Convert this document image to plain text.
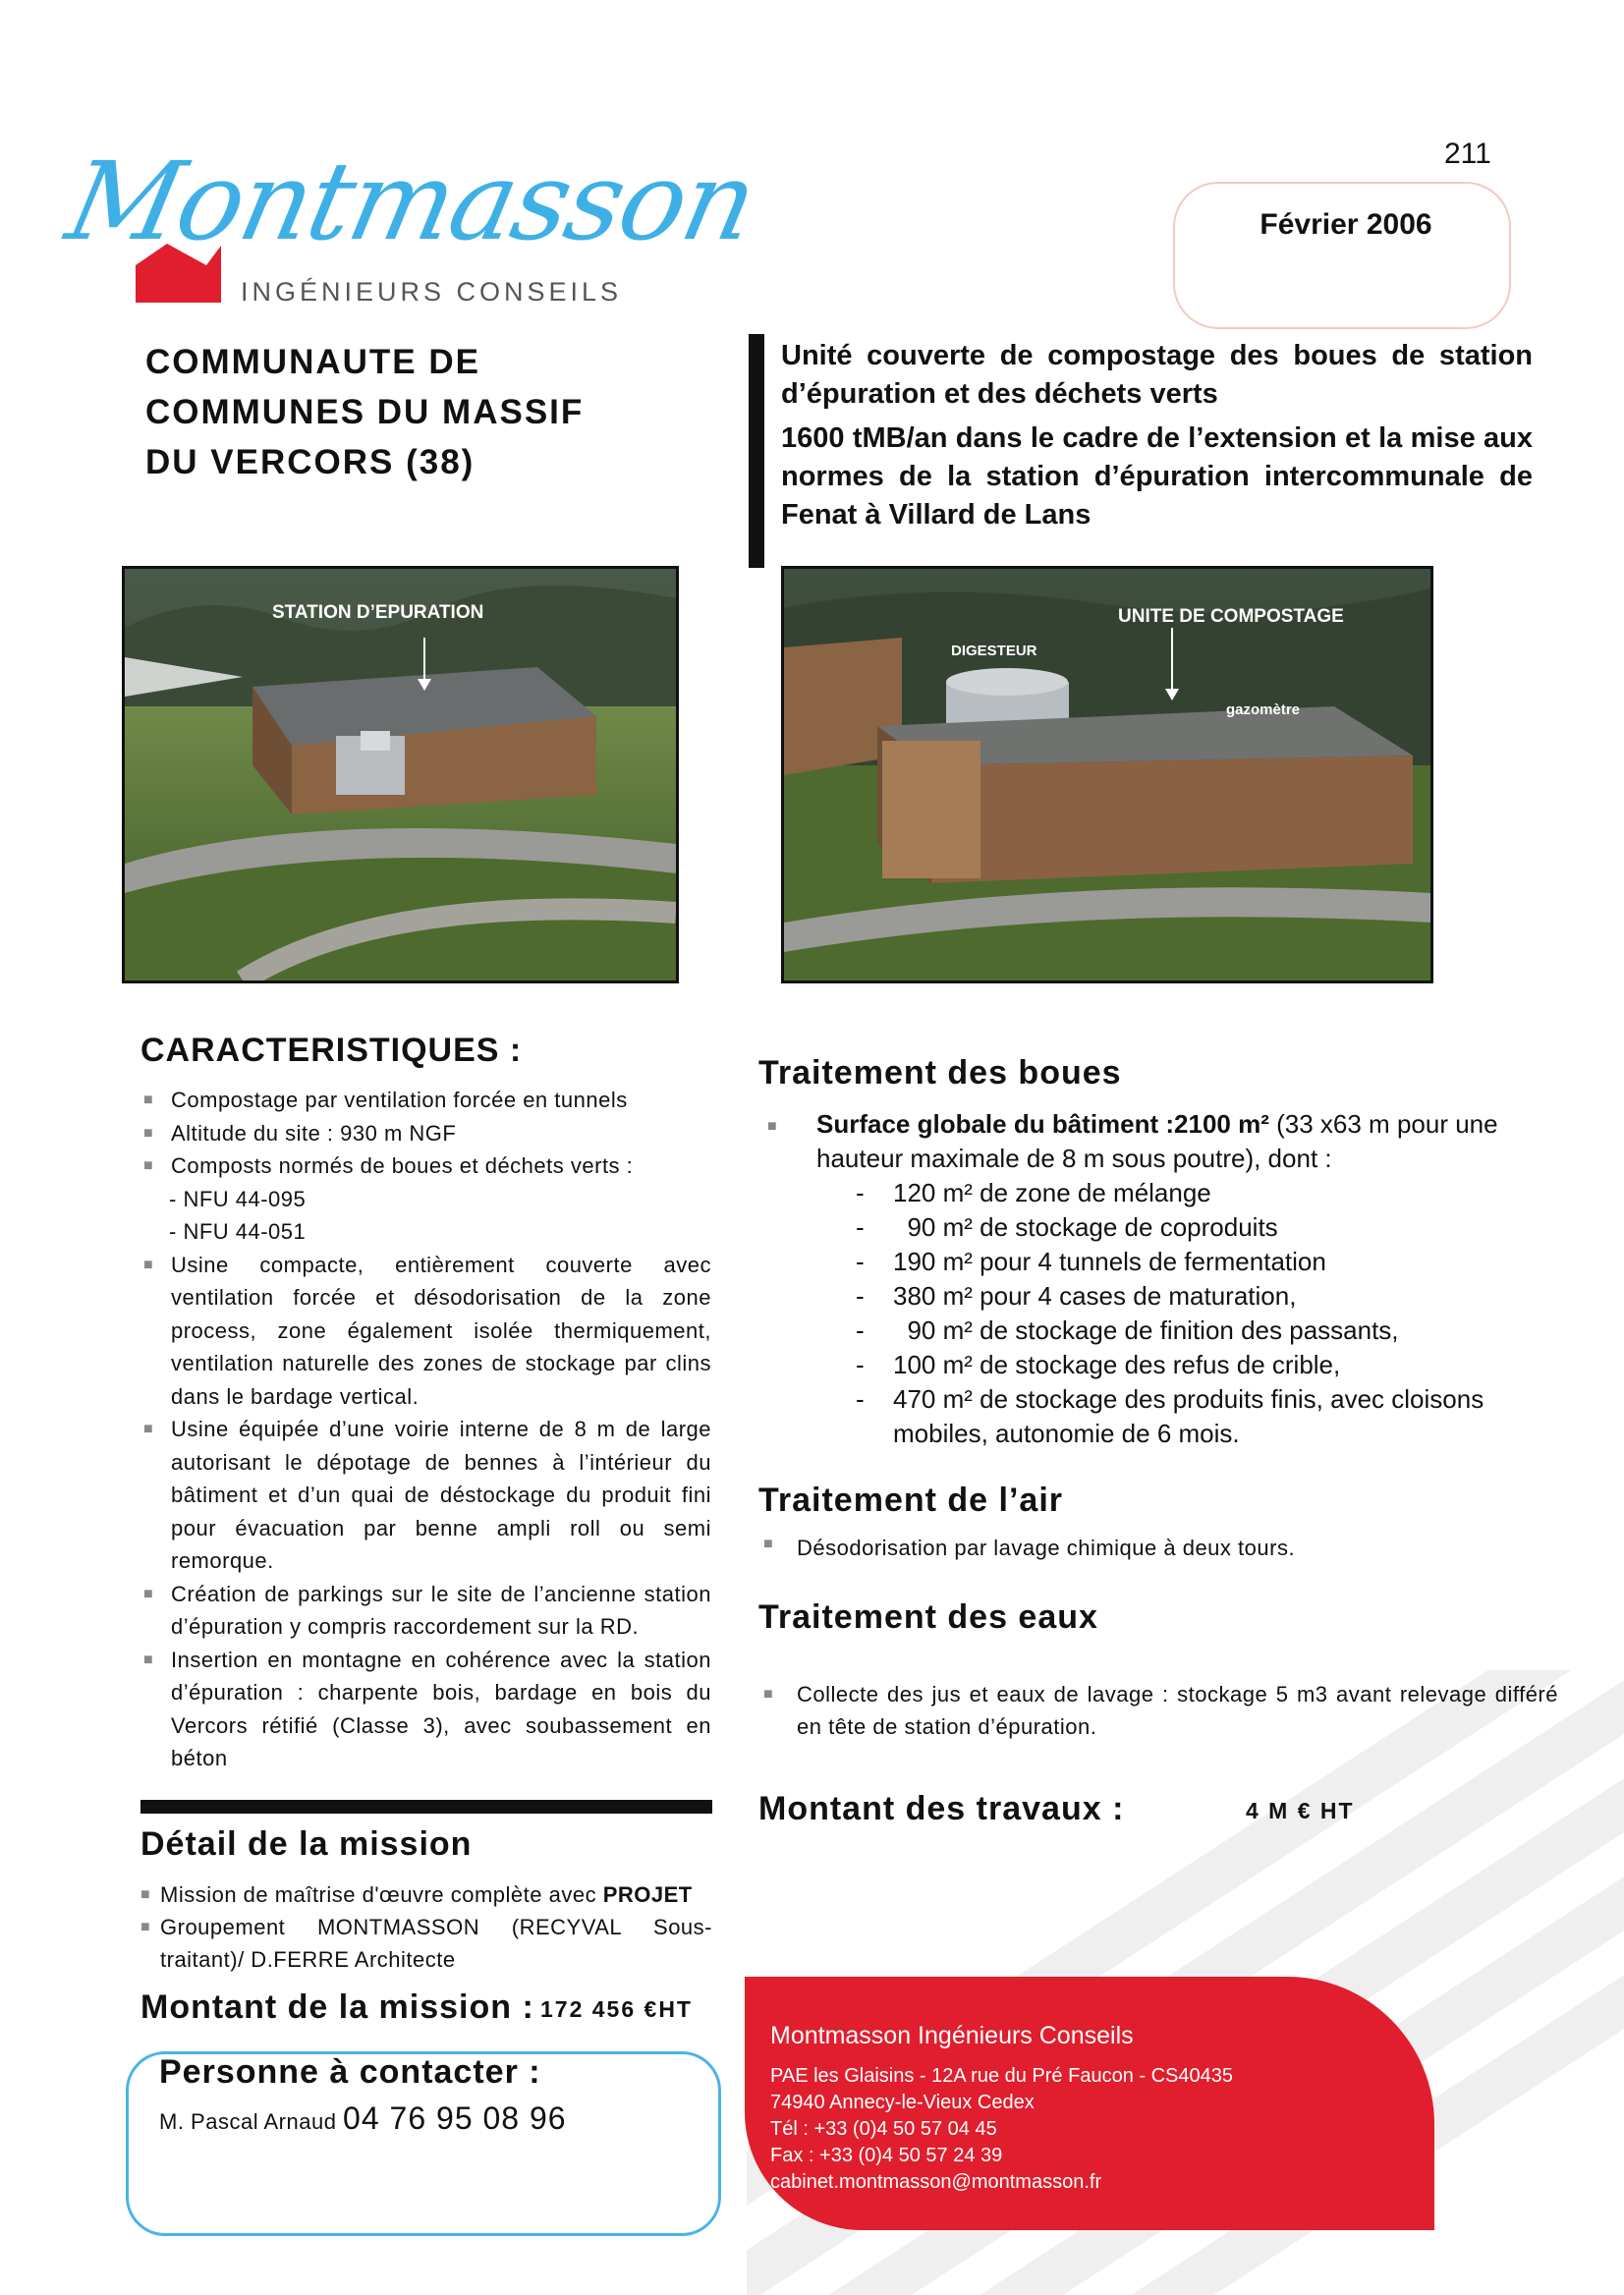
211
Février 2006
Montmasson
INGÉNIEURS CONSEILS
COMMUNAUTE DE
COMMUNES DU MASSIF
DU VERCORS (38)

Unité couverte de compostage des boues de station d’épuration et des déchets verts

1600 tMB/an dans le cadre de l’extension et la mise aux normes de la station d’épuration intercommunale de Fenat à Villard de Lans

STATION D’EPURATION
DIGESTEUR
UNITE DE COMPOSTAGE
gazomètre
CARACTERISTIQUES :
■ Compostage par ventilation forcée en tunnels
■ Altitude du site : 930 m NGF
■ Composts normés de boues et déchets verts :
- NFU 44-095
- NFU 44-051
■ Usine compacte, entièrement couverte avec ventilation forcée et désodorisation de la zone process, zone également isolée thermiquement, ventilation naturelle des zones de stockage par clins dans le bardage vertical.
■ Usine équipée d’une voirie interne de 8 m de large autorisant le dépotage de bennes à l’intérieur du bâtiment et d’un quai de déstockage du produit fini pour évacuation par benne ampli roll ou semi remorque.
■ Création de parkings sur le site de l’ancienne station d’épuration y compris raccordement sur la RD.
■ Insertion en montagne en cohérence avec la station d’épuration : charpente bois, bardage en bois du Vercors rétifié (Classe 3), avec soubassement en béton
Détail de la mission
■ Mission de maîtrise d'œuvre complète avec PROJET
■ Groupement MONTMASSON (RECYVAL Sous-traitant)/ D.FERRE Architecte
Montant de la mission : 172 456 €HT
Personne à contacter :
M. Pascal Arnaud 04 76 95 08 96
Traitement des boues
■ Surface globale du bâtiment :2100 m² (33 x63 m pour une hauteur maximale de 8 m sous poutre), dont :
-	120 m² de zone de mélange
-	90 m² de stockage de coproduits
-	190 m² pour 4 tunnels de fermentation
-	380 m² pour 4 cases de maturation,
-	90 m² de stockage de finition des passants,
-	100 m² de stockage des refus de crible,
-	470 m² de stockage des produits finis, avec cloisons mobiles, autonomie de 6 mois.
Traitement de l’air
■ Désodorisation par lavage chimique à deux tours.
Traitement des eaux
■ Collecte des jus et eaux de lavage : stockage 5 m3 avant relevage différé en tête de station d’épuration.
Montant des travaux :	4 M € HT
Montmasson Ingénieurs Conseils
PAE les Glaisins - 12A rue du Pré Faucon - CS40435
74940 Annecy-le-Vieux Cedex
Tél : +33 (0)4 50 57 04 45
Fax : +33 (0)4 50 57 24 39
cabinet.montmasson@montmasson.fr
